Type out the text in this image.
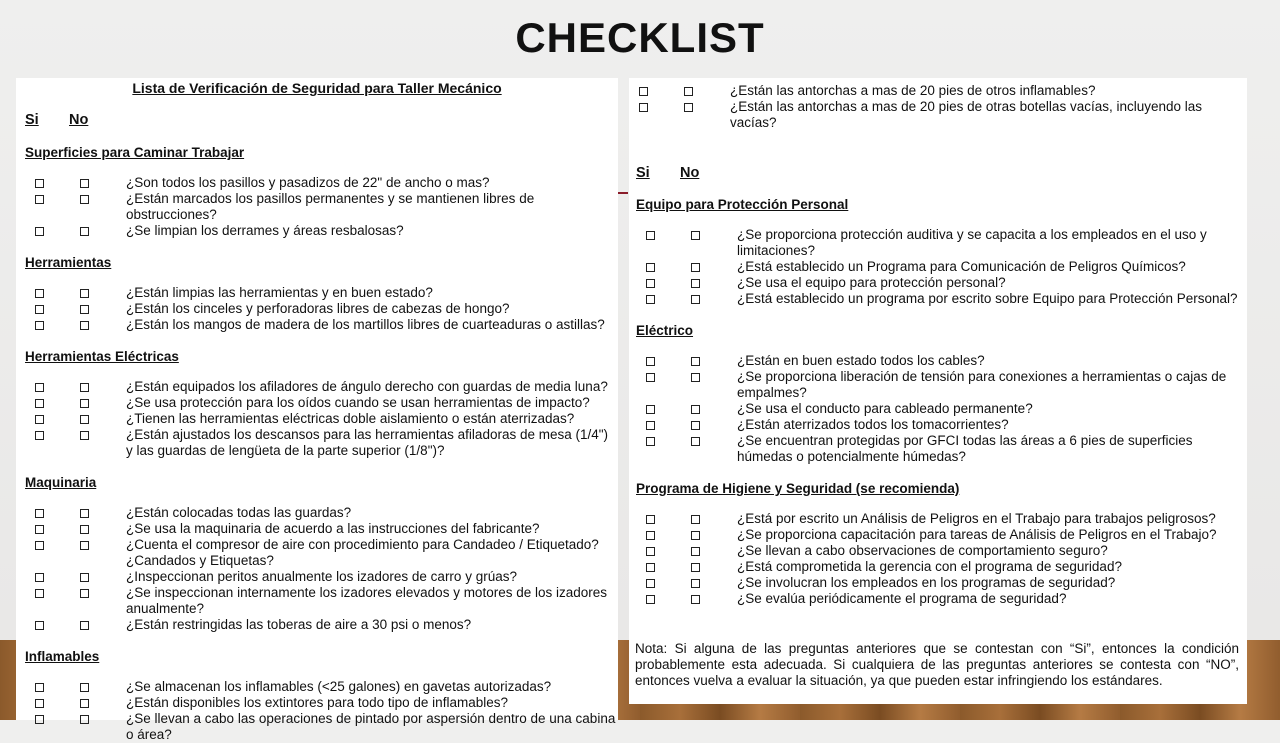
CHECKLIST
Lista de Verificación de Seguridad para Taller Mecánico
Si	No
Superficies para Caminar Trabajar
¿Son todos los pasillos y pasadizos de 22" de ancho o mas?
¿Están marcados los pasillos permanentes y se mantienen libres de obstrucciones?
¿Se limpian los derrames y áreas resbalosas?
Herramientas
¿Están limpias las herramientas y en buen estado?
¿Están los cinceles y perforadoras libres de cabezas de hongo?
¿Están los mangos de madera de los martillos libres de cuarteaduras o astillas?
Herramientas Eléctricas
¿Están equipados los afiladores de ángulo derecho con guardas de media luna?
¿Se usa protección para los oídos cuando se usan herramientas de impacto?
¿Tienen las herramientas eléctricas doble aislamiento o están aterrizadas?
¿Están ajustados los descansos para las herramientas afiladoras de mesa (1/4") y las guardas de lengüeta de la parte superior (1/8")?
Maquinaria
¿Están colocadas todas las guardas?
¿Se usa la maquinaria de acuerdo a las instrucciones del fabricante?
¿Cuenta el compresor de aire con procedimiento para Candadeo / Etiquetado? ¿Candados y Etiquetas?
¿Inspeccionan peritos anualmente los izadores de carro y grúas?
¿Se inspeccionan internamente los izadores elevados y motores de los izadores anualmente?
¿Están restringidas las toberas de aire a 30 psi o menos?
Inflamables
¿Se almacenan los inflamables (<25 galones) en gavetas autorizadas?
¿Están disponibles los extintores para todo tipo de inflamables?
¿Se llevan a cabo las operaciones de pintado por aspersión dentro de una cabina o área?
¿Están las antorchas a mas de 20 pies de otros inflamables?
¿Están las antorchas a mas de 20 pies de otras botellas vacías, incluyendo las vacías?
Si	No
Equipo para Protección Personal
¿Se proporciona protección auditiva y se capacita a los empleados en el uso y limitaciones?
¿Está establecido un Programa para Comunicación de Peligros Químicos?
¿Se usa el equipo para protección personal?
¿Está establecido un programa por escrito sobre Equipo para Protección Personal?
Eléctrico
¿Están en buen estado todos los cables?
¿Se proporciona liberación de tensión para conexiones a herramientas o cajas de empalmes?
¿Se usa el conducto para cableado permanente?
¿Están aterrizados todos los tomacorrientes?
¿Se encuentran protegidas por GFCI todas las áreas a 6 pies de superficies húmedas o potencialmente húmedas?
Programa de Higiene y Seguridad (se recomienda)
¿Está por escrito un Análisis de Peligros en el Trabajo para trabajos peligrosos?
¿Se proporciona capacitación para tareas de Análisis de Peligros en el Trabajo?
¿Se llevan a cabo observaciones de comportamiento seguro?
¿Está comprometida la gerencia con el programa de seguridad?
¿Se involucran los empleados en los programas de seguridad?
¿Se evalúa periódicamente el programa de seguridad?
Nota: Si alguna de las preguntas anteriores que se contestan con “Si”, entonces la condición probablemente esta adecuada. Si cualquiera de las preguntas anteriores se contesta con “NO”, entonces vuelva a evaluar la situación, ya que pueden estar infringiendo los estándares.
